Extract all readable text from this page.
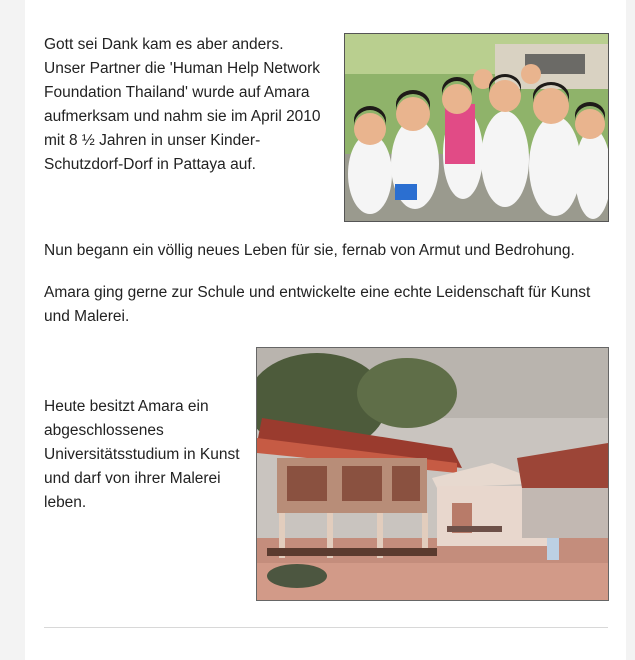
Gott sei Dank kam es aber anders. Unser Partner die 'Human Help Network Foundation Thailand' wurde auf Amara aufmerksam und nahm sie im April 2010 mit 8 ½ Jahren in unser Kinder-Schutzdorf-Dorf in Pattaya auf.

Nun begann ein völlig neues Leben für sie, fernab von Armut und Bedrohung.

Amara ging gerne zur Schule und entwickelte eine echte Leidenschaft für Kunst und Malerei.

Heute besitzt Amara ein abgeschlossenes Universitätsstudium in Kunst und darf von ihrer Malerei leben.
